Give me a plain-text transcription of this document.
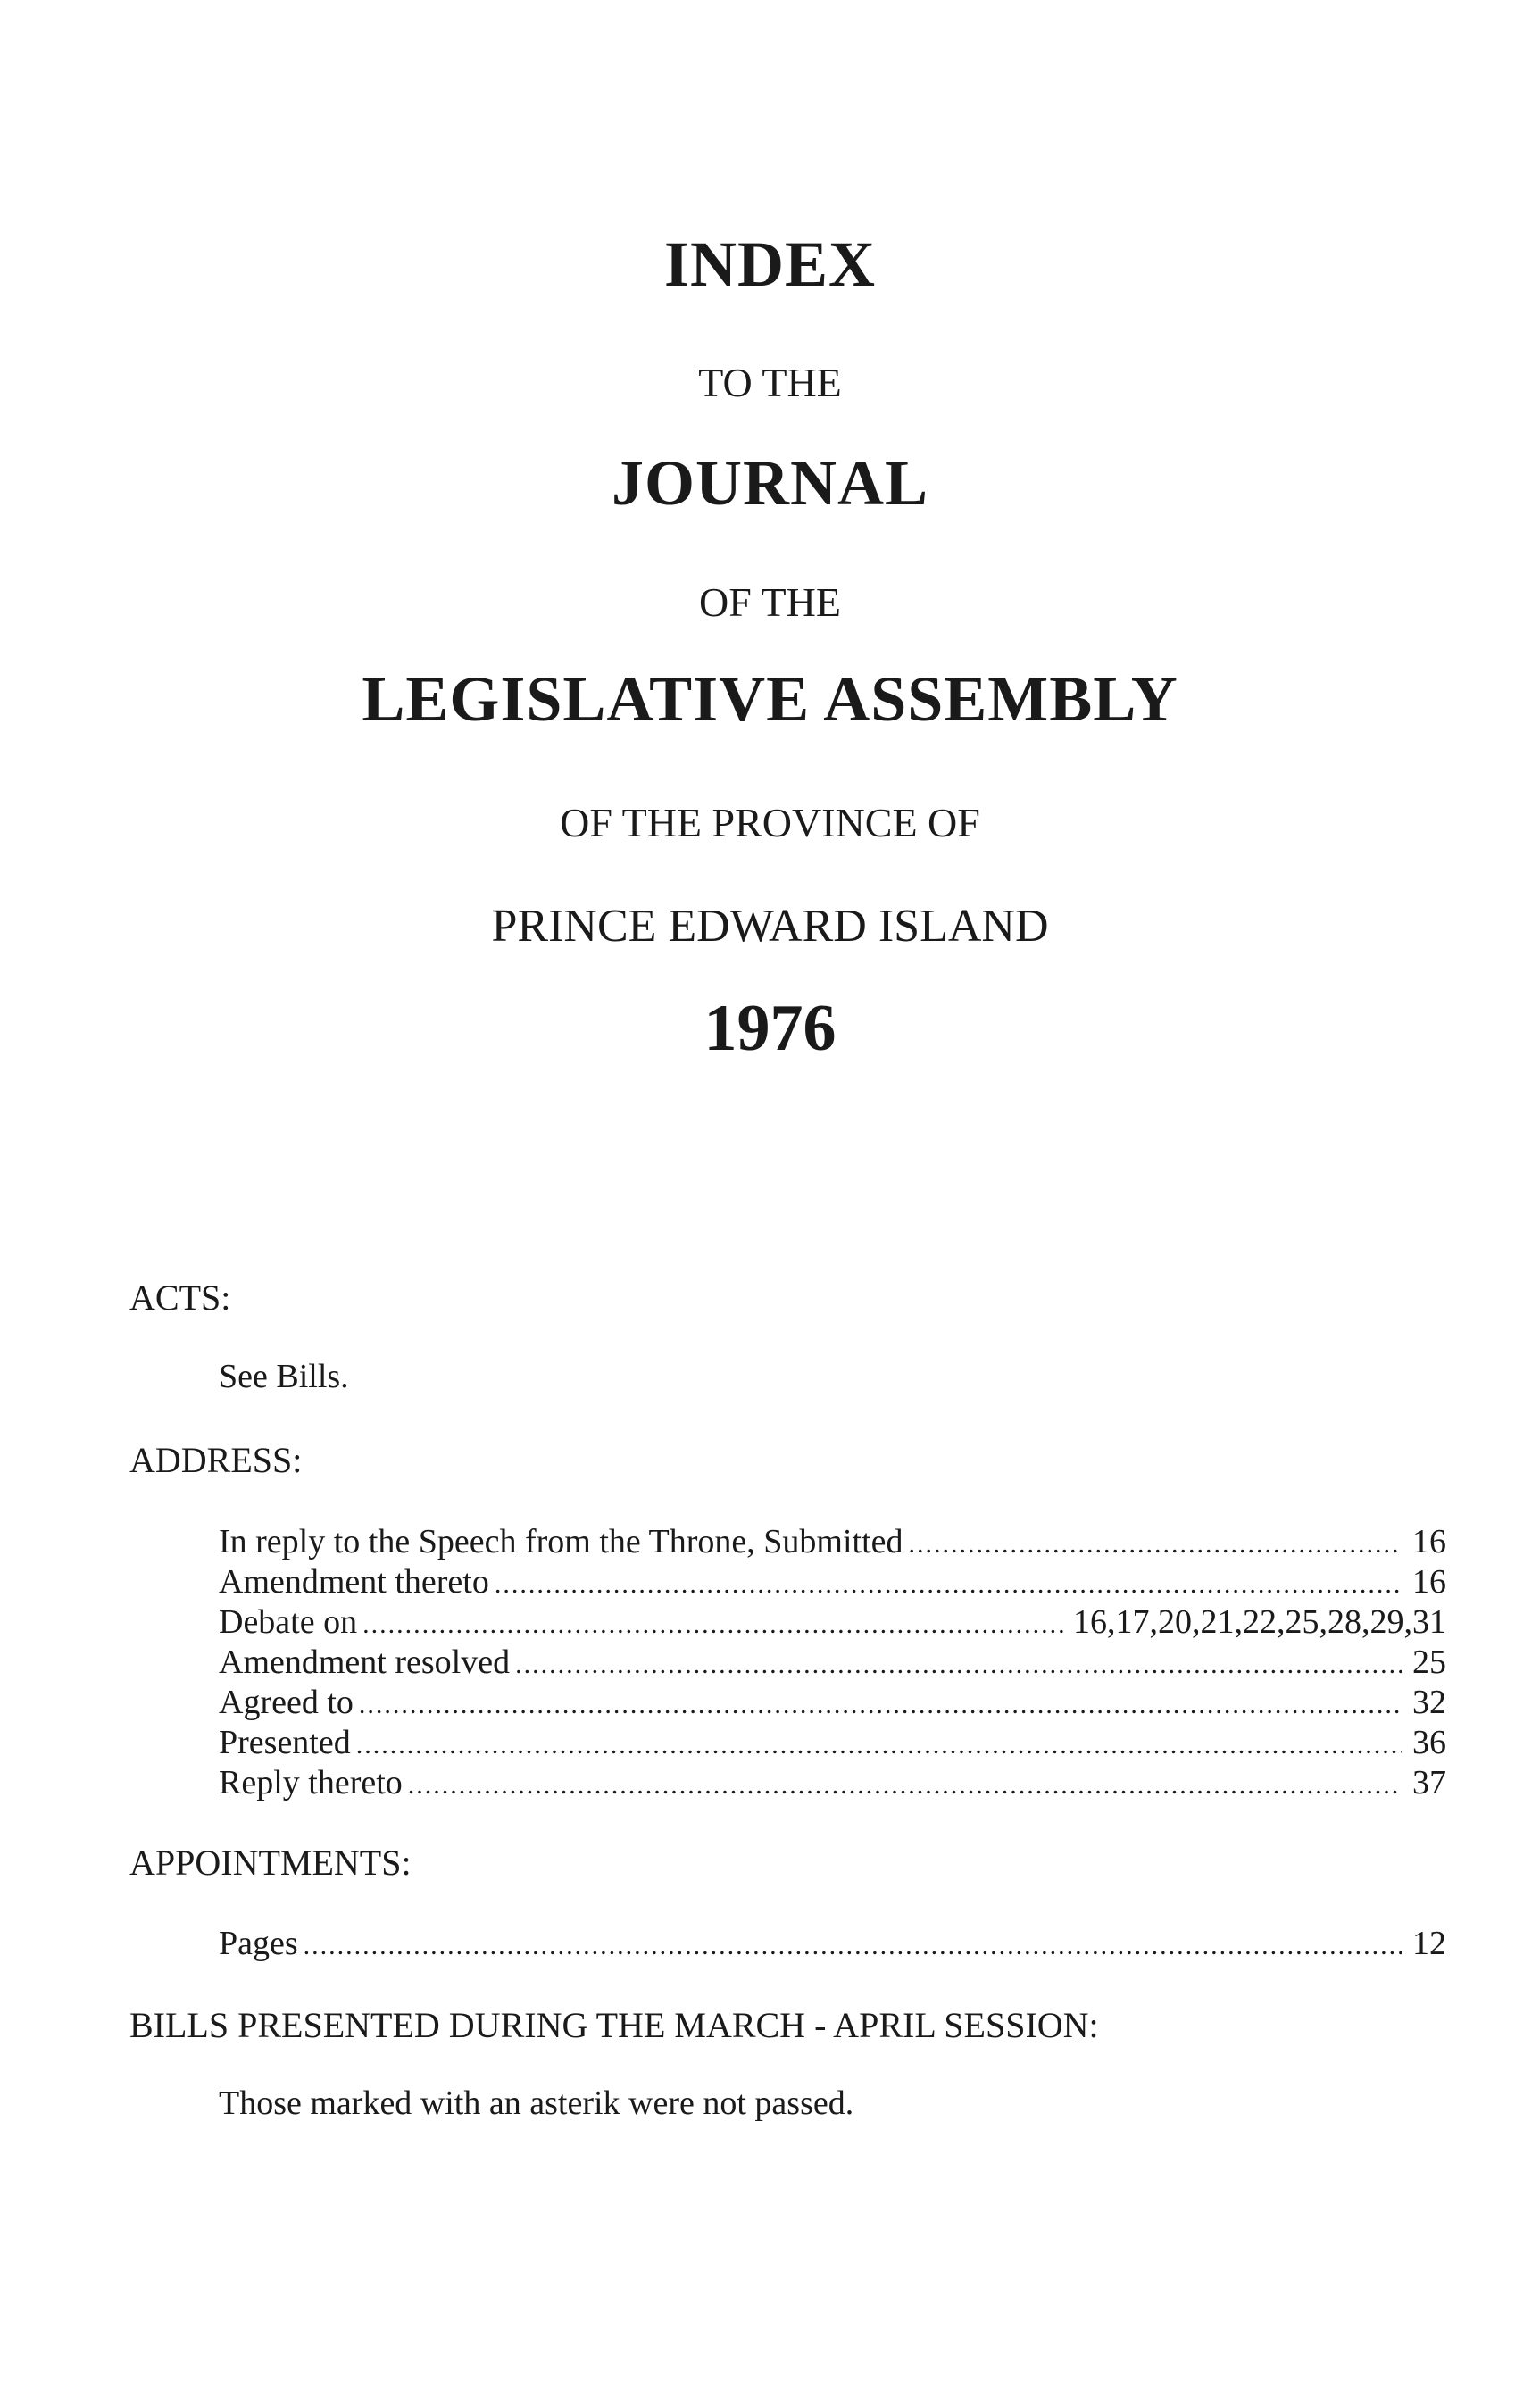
INDEX
TO THE
JOURNAL
OF THE
LEGISLATIVE ASSEMBLY
OF THE PROVINCE OF
PRINCE EDWARD ISLAND
1976
ACTS:
See Bills.
ADDRESS:
In reply to the Speech from the Throne, Submitted .....	16
Amendment thereto .....	16
Debate on .....	16,17,20,21,22,25,28,29,31
Amendment resolved .....	25
Agreed to .....	32
Presented .....	36
Reply thereto .....	37
APPOINTMENTS:
Pages .....	12
BILLS PRESENTED DURING THE MARCH - APRIL SESSION:
Those marked with an asterik were not passed.
